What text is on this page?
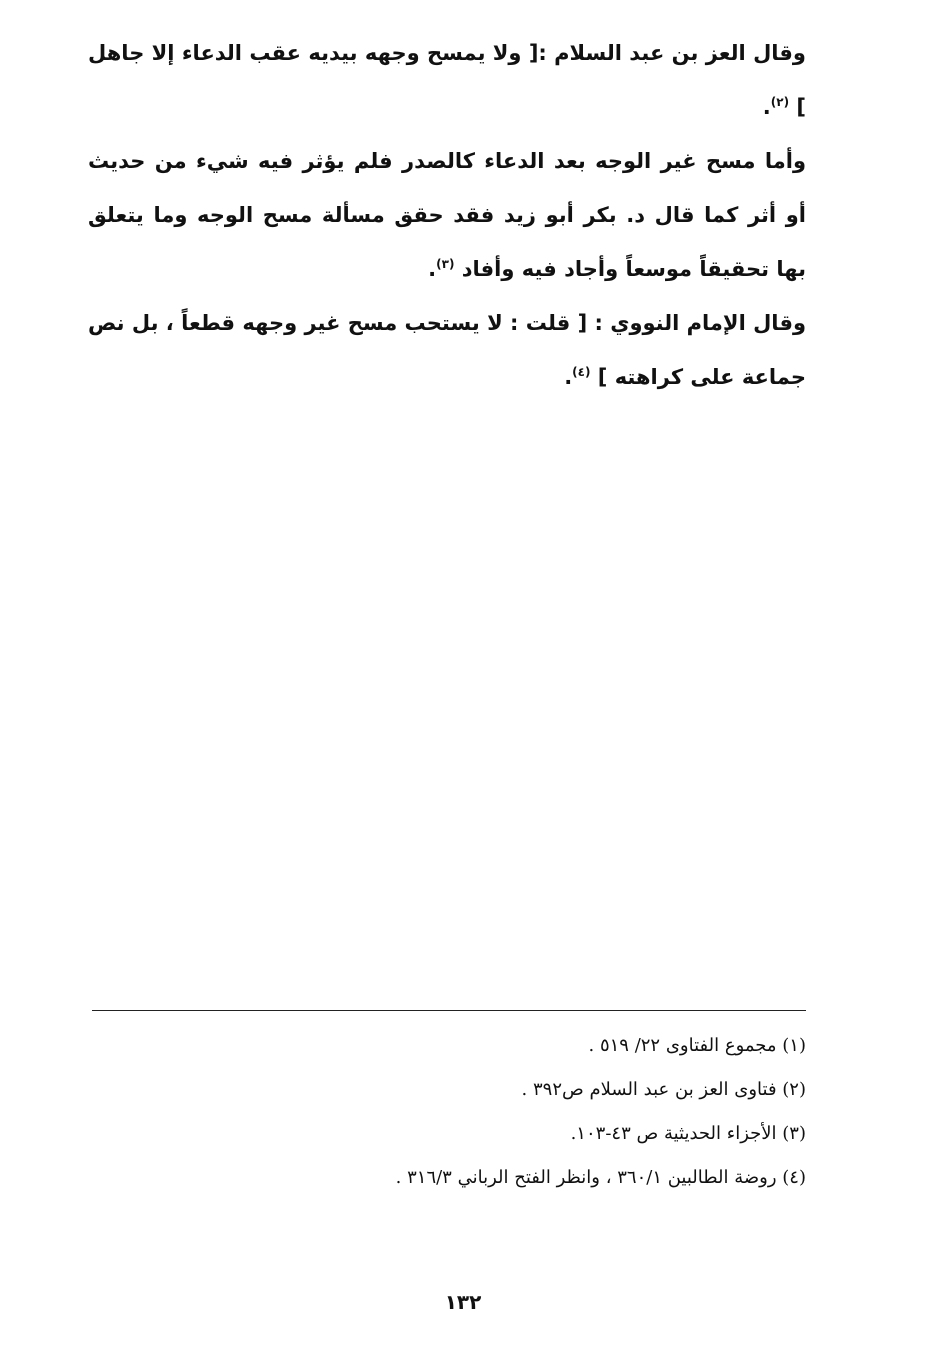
وقال العز بن عبد السلام :[ ولا يمسح وجهه بيديه عقب الدعاء إلا جاهل ] $^{(٢)}$.

وأما مسح غير الوجه بعد الدعاء كالصدر فلم يؤثر فيه شيء من حديث أو أثر كما قال د. بكر أبو زيد فقد حقق مسألة مسح الوجه وما يتعلق بها تحقيقاً موسعاً وأجاد فيه وأفاد $^{(٣)}$.

وقال الإمام النووي : [ قلت : لا يستحب مسح غير وجهه قطعاً ، بل نص جماعة على كراهته ] $^{(٤)}$.

(١) مجموع الفتاوى ٢٢/ ٥١٩ .
(٢) فتاوى العز بن عبد السلام ص٣٩٢ .
(٣) الأجزاء الحديثية ص ٤٣-١٠٣.
(٤) روضة الطالبين ٣٦٠/١ ، وانظر الفتح الرباني ٣١٦/٣ .
١٣٢
